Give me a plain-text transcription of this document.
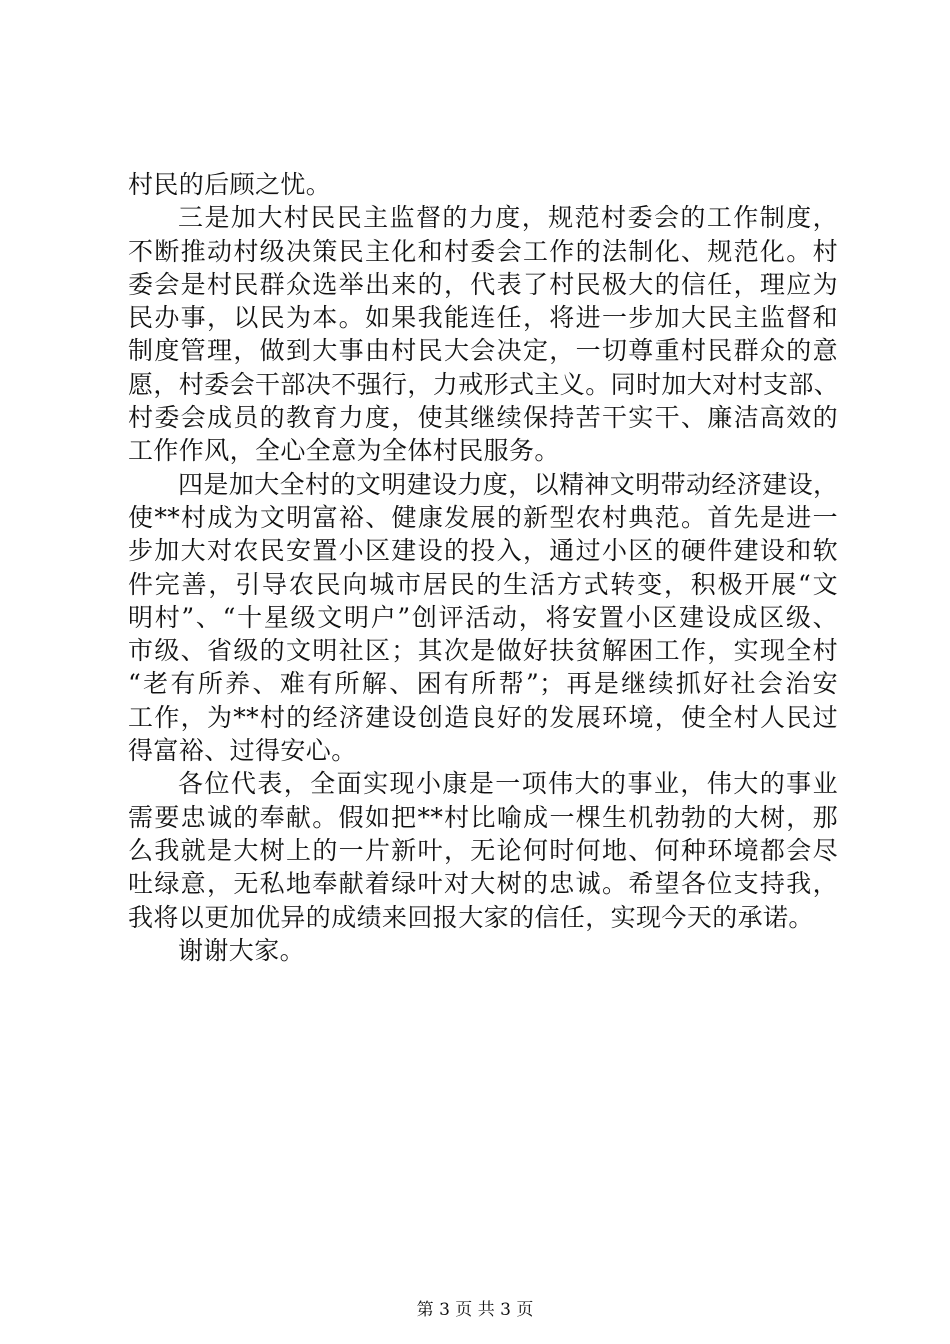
村民的后顾之忧。
三是加大村民民主监督的力度，规范村委会的工作制度，
不断推动村级决策民主化和村委会工作的法制化、规范化。村
委会是村民群众选举出来的，代表了村民极大的信任，理应为
民办事，以民为本。如果我能连任，将进一步加大民主监督和
制度管理，做到大事由村民大会决定，一切尊重村民群众的意
愿，村委会干部决不强行，力戒形式主义。同时加大对村支部、
村委会成员的教育力度，使其继续保持苦干实干、廉洁高效的
工作作风，全心全意为全体村民服务。
四是加大全村的文明建设力度，以精神文明带动经济建设，
使**村成为文明富裕、健康发展的新型农村典范。首先是进一
步加大对农民安置小区建设的投入，通过小区的硬件建设和软
件完善，引导农民向城市居民的生活方式转变，积极开展“文
明村”、“十星级文明户”创评活动，将安置小区建设成区级、
市级、省级的文明社区；其次是做好扶贫解困工作，实现全村
“老有所养、难有所解、困有所帮”；再是继续抓好社会治安
工作，为**村的经济建设创造良好的发展环境，使全村人民过
得富裕、过得安心。
各位代表，全面实现小康是一项伟大的事业，伟大的事业
需要忠诚的奉献。假如把**村比喻成一棵生机勃勃的大树，那
么我就是大树上的一片新叶，无论何时何地、何种环境都会尽
吐绿意，无私地奉献着绿叶对大树的忠诚。希望各位支持我，
我将以更加优异的成绩来回报大家的信任，实现今天的承诺。
谢谢大家。
第 3 页 共 3 页
